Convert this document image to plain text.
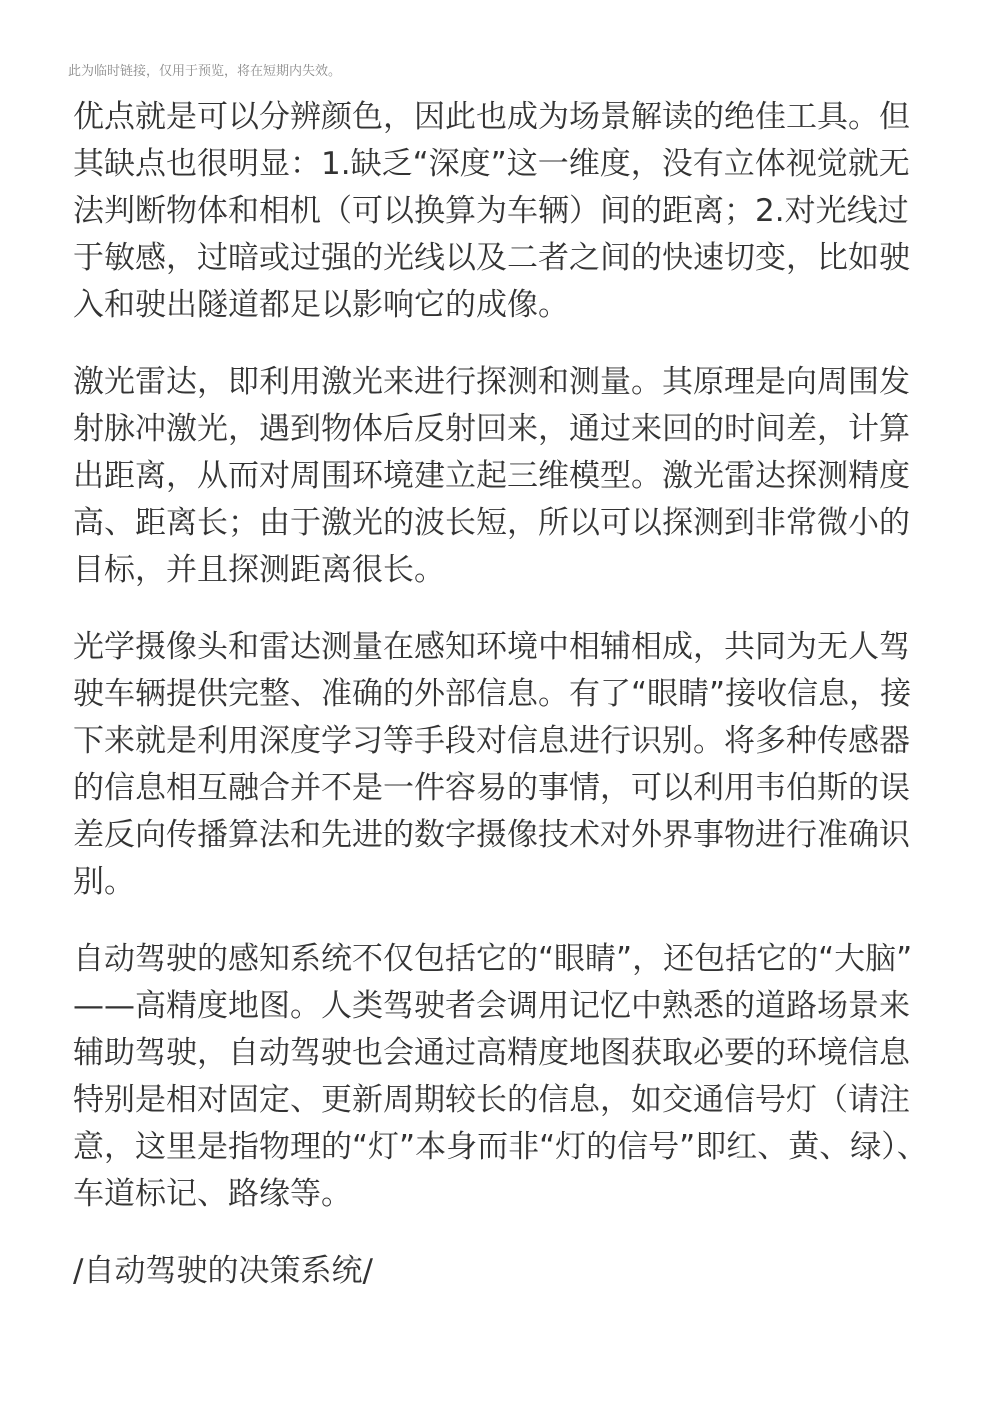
此为临时链接，仅用于预览，将在短期内失效。
优点就是可以分辨颜色，因此也成为场景解读的绝佳工具。但
其缺点也很明显：1.缺乏“深度”这一维度，没有立体视觉就无
法判断物体和相机（可以换算为车辆）间的距离；2.对光线过
于敏感，过暗或过强的光线以及二者之间的快速切变，比如驶
入和驶出隧道都足以影响它的成像。
激光雷达，即利用激光来进行探测和测量。其原理是向周围发
射脉冲激光，遇到物体后反射回来，通过来回的时间差，计算
出距离，从而对周围环境建立起三维模型。激光雷达探测精度
高、距离长；由于激光的波长短，所以可以探测到非常微小的
目标，并且探测距离很长。
光学摄像头和雷达测量在感知环境中相辅相成，共同为无人驾
驶车辆提供完整、准确的外部信息。有了“眼睛”接收信息，接
下来就是利用深度学习等手段对信息进行识别。将多种传感器
的信息相互融合并不是一件容易的事情，可以利用韦伯斯的误
差反向传播算法和先进的数字摄像技术对外界事物进行准确识
别。
自动驾驶的感知系统不仅包括它的“眼睛”，还包括它的“大脑”
——高精度地图。人类驾驶者会调用记忆中熟悉的道路场景来
辅助驾驶，自动驾驶也会通过高精度地图获取必要的环境信息
特别是相对固定、更新周期较长的信息，如交通信号灯（请注
意，这里是指物理的“灯”本身而非“灯的信号”即红、黄、绿）、
车道标记、路缘等。
/自动驾驶的决策系统/
